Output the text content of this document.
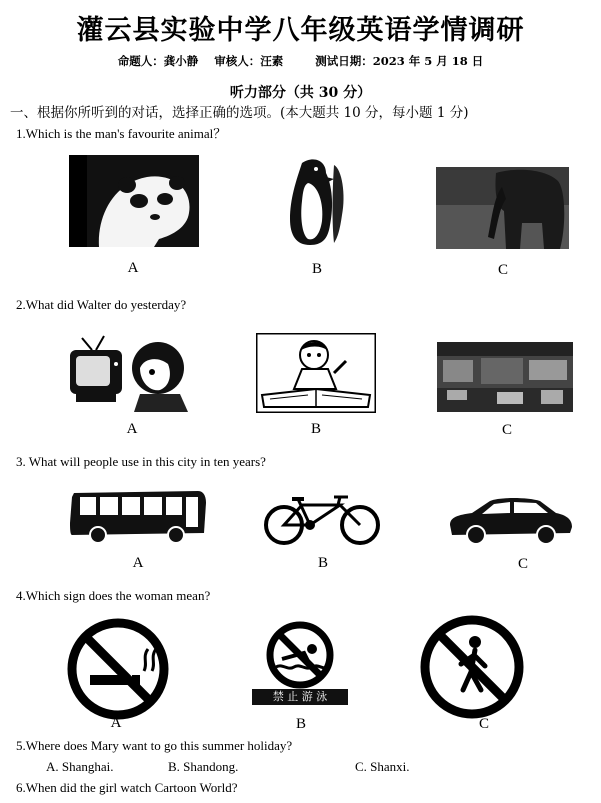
灌云县实验中学八年级英语学情调研
命题人：龚小静 审核人：汪素	测试日期：2023 年 5 月 18 日
听力部分（共 30 分）
一、根据你所听到的对话，选择正确的选项。(本大题共 10 分，每小题 1 分)
1.Which is the man's favourite animal？
A	B	C
2.What did Walter do yesterday?
A	B	C
3. What will people use in this city in ten years?
A	B	C
4.Which sign does the woman mean?
禁 止 游 泳
A	B	C
5.Where does Mary want to go this summer holiday?
A. Shanghai.	B. Shandong.	C. Shanxi.
6.When did the girl watch Cartoon World?
